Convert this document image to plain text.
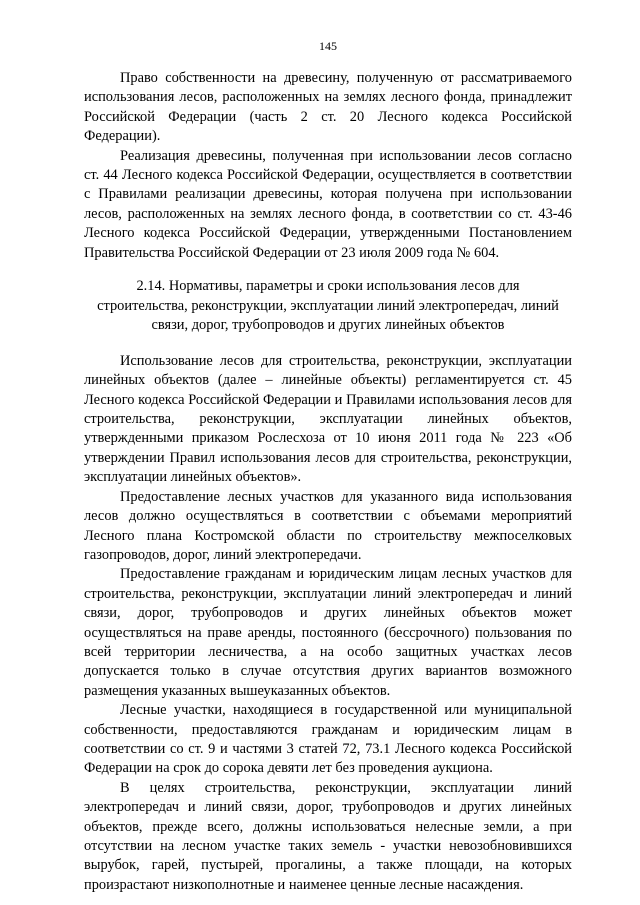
145

Право собственности на древесину, полученную от рассматриваемого использования лесов, расположенных на землях лесного фонда, принадлежит Российской Федерации (часть 2 ст. 20 Лесного кодекса Российской Федерации).

Реализация древесины, полученная при использовании лесов согласно ст. 44 Лесного кодекса Российской Федерации, осуществляется в соответствии с Правилами реализации древесины, которая получена при использовании лесов, расположенных на землях лесного фонда, в соответствии со ст. 43-46 Лесного кодекса Российской Федерации, утвержденными Постановлением Правительства Российской Федерации от 23 июля 2009 года № 604.

2.14. Нормативы, параметры и сроки использования лесов для
строительства, реконструкции, эксплуатации линий электропередач, линий
связи, дорог, трубопроводов и других линейных объектов

Использование лесов для строительства, реконструкции, эксплуатации линейных объектов (далее – линейные объекты) регламентируется ст. 45 Лесного кодекса Российской Федерации и Правилами использования лесов для строительства, реконструкции, эксплуатации линейных объектов, утвержденными приказом Рослесхоза от 10 июня 2011 года № 223 «Об утверждении Правил использования лесов для строительства, реконструкции, эксплуатации линейных объектов».

Предоставление лесных участков для указанного вида использования лесов должно осуществляться в соответствии с объемами мероприятий Лесного плана Костромской области по строительству межпоселковых газопроводов, дорог, линий электропередачи.

Предоставление гражданам и юридическим лицам лесных участков для строительства, реконструкции, эксплуатации линий электропередач и линий связи, дорог, трубопроводов и других линейных объектов может осуществляться на праве аренды, постоянного (бессрочного) пользования по всей территории лесничества, а на особо защитных участках лесов допускается только в случае отсутствия других вариантов возможного размещения указанных вышеуказанных объектов.

Лесные участки, находящиеся в государственной или муниципальной собственности, предоставляются гражданам и юридическим лицам в соответствии со ст. 9 и частями 3 статей 72, 73.1 Лесного кодекса Российской Федерации на срок до сорока девяти лет без проведения аукциона.

В целях строительства, реконструкции, эксплуатации линий электропередач и линий связи, дорог, трубопроводов и других линейных объектов, прежде всего, должны использоваться нелесные земли, а при отсутствии на лесном участке таких земель - участки невозобновившихся вырубок, гарей, пустырей, прогалины, а также площади, на которых произрастают низкополнотные и наименее ценные лесные насаждения.
